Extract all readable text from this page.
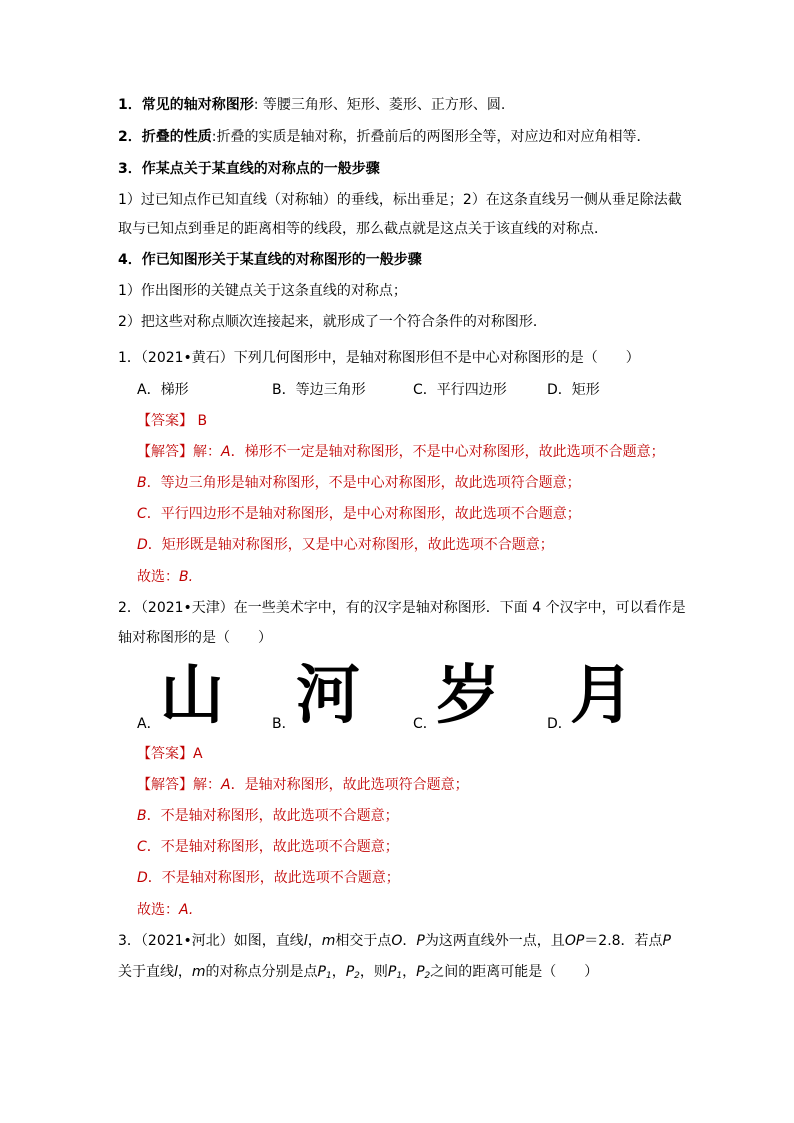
1．常见的轴对称图形: 等腰三角形、矩形、菱形、正方形、圆.
2．折叠的性质:折叠的实质是轴对称，折叠前后的两图形全等，对应边和对应角相等．
3．作某点关于某直线的对称点的一般步骤
1）过已知点作已知直线（对称轴）的垂线，标出垂足；2）在这条直线另一侧从垂足除法截
取与已知点到垂足的距离相等的线段，那么截点就是这点关于该直线的对称点．
4．作已知图形关于某直线的对称图形的一般步骤
1）作出图形的关键点关于这条直线的对称点；
2）把这些对称点顺次连接起来，就形成了一个符合条件的对称图形．
1．（2021•黄石）下列几何图形中，是轴对称图形但不是中心对称图形的是（　　）
A．梯形	B．等边三角形	C．平行四边形	D．矩形
【答案】 B
【解答】解：A．梯形不一定是轴对称图形，不是中心对称图形，故此选项不合题意；
B．等边三角形是轴对称图形，不是中心对称图形，故此选项符合题意；
C．平行四边形不是轴对称图形，是中心对称图形，故此选项不合题意；
D．矩形既是轴对称图形，又是中心对称图形，故此选项不合题意；
故选：B.
2．（2021•天津）在一些美术字中，有的汉字是轴对称图形．下面 4 个汉字中，可以看作是
轴对称图形的是（　　）
A． 山	B． 河	C． 岁	D．
月
【答案】A
【解答】解：A．是轴对称图形，故此选项符合题意；
B．不是轴对称图形，故此选项不合题意；
C．不是轴对称图形，故此选项不合题意；
D．不是轴对称图形，故此选项不合题意；
故选：A.
3．（2021•河北）如图，直线l，m相交于点O．P为这两直线外一点，且OP＝2.8．若点P
关于直线l，m的对称点分别是点$P_1$，$P_2$，则$P_1$，$P_2$之间的距离可能是（　　）
